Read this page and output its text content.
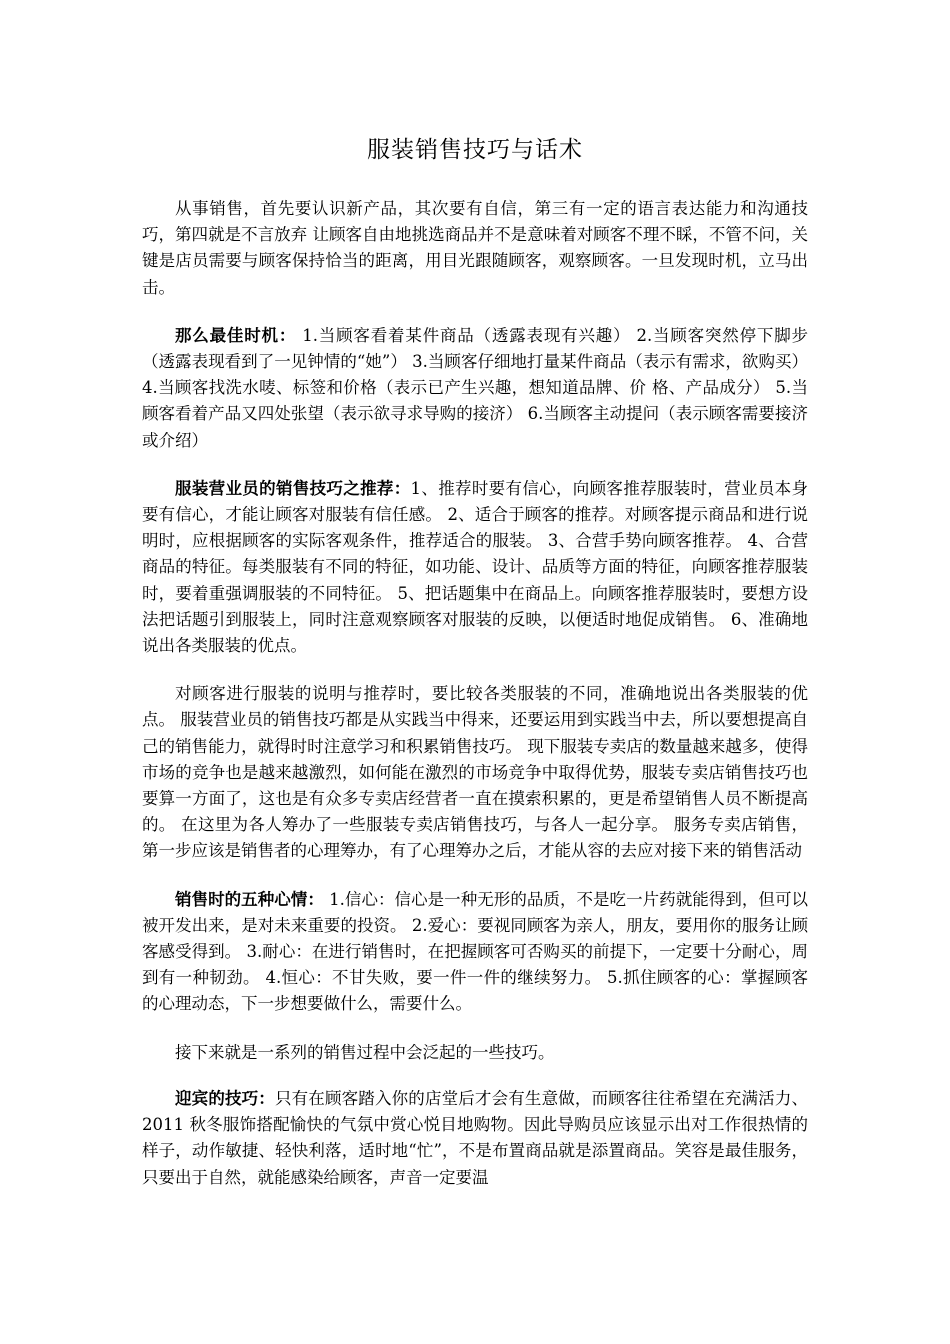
服装销售技巧与话术

从事销售，首先要认识新产品，其次要有自信，第三有一定的语言表达能力和沟通技巧，第四就是不言放弃 让顾客自由地挑选商品并不是意味着对顾客不理不睬，不管不问，关键是店员需要与顾客保持恰当的距离，用目光跟随顾客，观察顾客。一旦发现时机，立马出击。

那么最佳时机： 1.当顾客看着某件商品（透露表现有兴趣） 2.当顾客突然停下脚步（透露表现看到了一见钟情的“她”） 3.当顾客仔细地打量某件商品（表示有需求，欲购买） 4.当顾客找洗水唛、标签和价格（表示已产生兴趣，想知道品牌、价 格、产品成分） 5.当顾客看着产品又四处张望（表示欲寻求导购的接济） 6.当顾客主动提问（表示顾客需要接济或介绍）

服装营业员的销售技巧之推荐：1、推荐时要有信心，向顾客推荐服装时，营业员本身要有信心，才能让顾客对服装有信任感。 2、适合于顾客的推荐。对顾客提示商品和进行说明时，应根据顾客的实际客观条件，推荐适合的服装。 3、合营手势向顾客推荐。 4、合营商品的特征。每类服装有不同的特征，如功能、设计、品质等方面的特征，向顾客推荐服装时，要着重强调服装的不同特征。 5、把话题集中在商品上。向顾客推荐服装时，要想方设法把话题引到服装上，同时注意观察顾客对服装的反映，以便适时地促成销售。 6、准确地说出各类服装的优点。

对顾客进行服装的说明与推荐时，要比较各类服装的不同，准确地说出各类服装的优点。 服装营业员的销售技巧都是从实践当中得来，还要运用到实践当中去，所以要想提高自己的销售能力，就得时时注意学习和积累销售技巧。 现下服装专卖店的数量越来越多，使得市场的竞争也是越来越激烈，如何能在激烈的市场竞争中取得优势，服装专卖店销售技巧也要算一方面了，这也是有众多专卖店经营者一直在摸索积累的，更是希望销售人员不断提高的。 在这里为各人筹办了一些服装专卖店销售技巧，与各人一起分享。 服务专卖店销售，第一步应该是销售者的心理筹办，有了心理筹办之后，才能从容的去应对接下来的销售活动

销售时的五种心情： 1.信心：信心是一种无形的品质，不是吃一片药就能得到，但可以被开发出来，是对未来重要的投资。 2.爱心：要视同顾客为亲人，朋友，要用你的服务让顾客感受得到。 3.耐心：在进行销售时，在把握顾客可否购买的前提下，一定要十分耐心，周到有一种韧劲。 4.恒心：不甘失败，要一件一件的继续努力。 5.抓住顾客的心：掌握顾客的心理动态，下一步想要做什么，需要什么。

接下来就是一系列的销售过程中会泛起的一些技巧。

迎宾的技巧：只有在顾客踏入你的店堂后才会有生意做，而顾客往往希望在充满活力、2011 秋冬服饰搭配愉快的气氛中赏心悦目地购物。因此导购员应该显示出对工作很热情的样子，动作敏捷、轻快利落，适时地“忙”，不是布置商品就是添置商品。笑容是最佳服务，只要出于自然，就能感染给顾客，声音一定要温
